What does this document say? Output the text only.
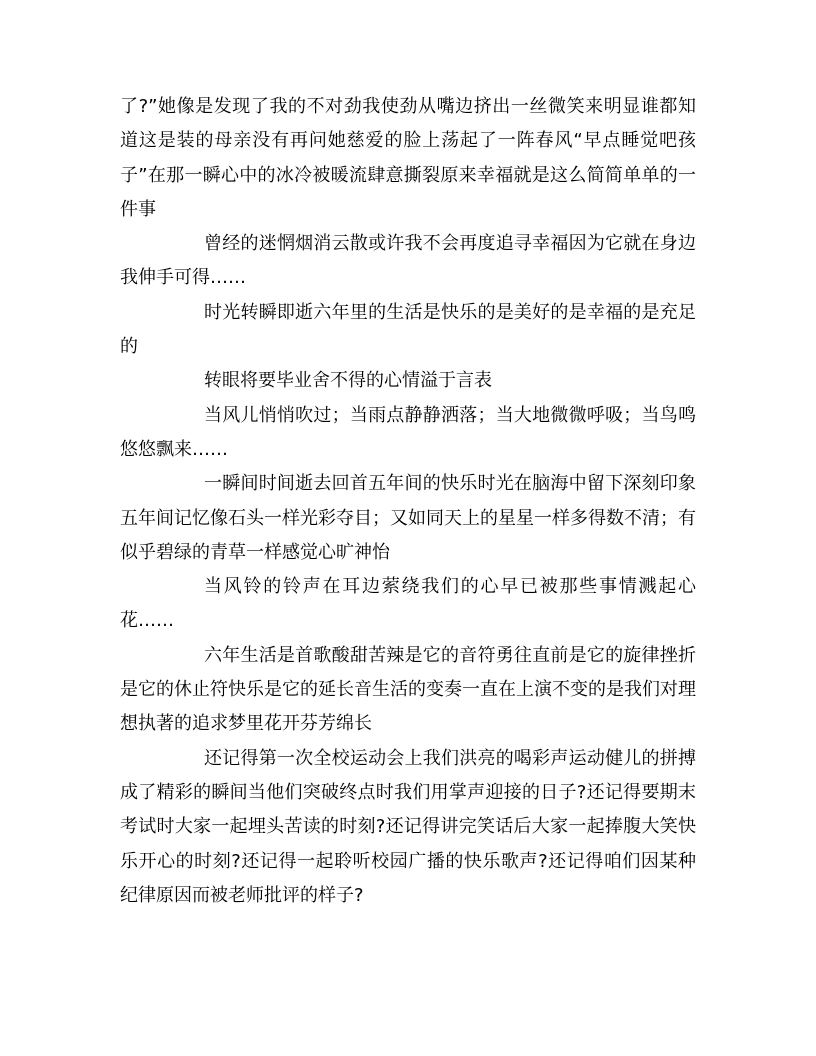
了?”她像是发现了我的不对劲我使劲从嘴边挤出一丝微笑来明显谁都知道这是装的母亲没有再问她慈爱的脸上荡起了一阵春风“早点睡觉吧孩子”在那一瞬心中的冰冷被暖流肆意撕裂原来幸福就是这么简简单单的一件事

曾经的迷惘烟消云散或许我不会再度追寻幸福因为它就在身边我伸手可得……

时光转瞬即逝六年里的生活是快乐的是美好的是幸福的是充足的

转眼将要毕业舍不得的心情溢于言表

当风儿悄悄吹过；当雨点静静洒落；当大地微微呼吸；当鸟鸣悠悠飘来……

一瞬间时间逝去回首五年间的快乐时光在脑海中留下深刻印象五年间记忆像石头一样光彩夺目；又如同天上的星星一样多得数不清；有似乎碧绿的青草一样感觉心旷神怡

当风铃的铃声在耳边萦绕我们的心早已被那些事情溅起心花……

六年生活是首歌酸甜苦辣是它的音符勇往直前是它的旋律挫折是它的休止符快乐是它的延长音生活的变奏一直在上演不变的是我们对理想执著的追求梦里花开芬芳绵长

还记得第一次全校运动会上我们洪亮的喝彩声运动健儿的拼搏成了精彩的瞬间当他们突破终点时我们用掌声迎接的日子?还记得要期末考试时大家一起埋头苦读的时刻?还记得讲完笑话后大家一起捧腹大笑快乐开心的时刻?还记得一起聆听校园广播的快乐歌声?还记得咱们因某种纪律原因而被老师批评的样子?
